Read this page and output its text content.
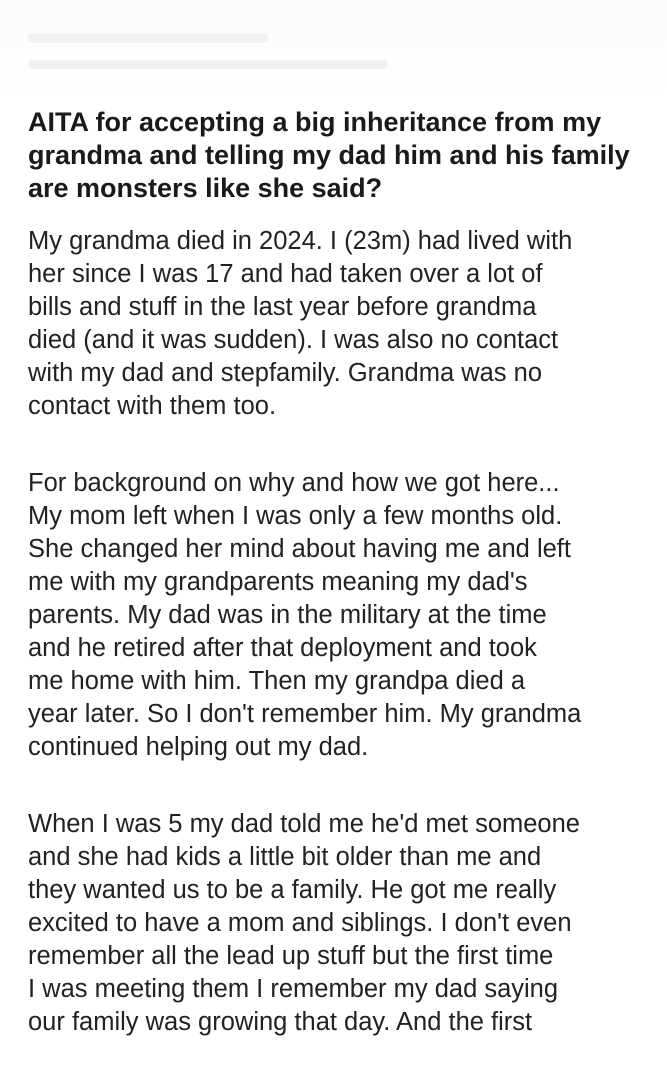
AITA for accepting a big inheritance from my grandma and telling my dad him and his family are monsters like she said?

My grandma died in 2024. I (23m) had lived with
her since I was 17 and had taken over a lot of
bills and stuff in the last year before grandma
died (and it was sudden). I was also no contact
with my dad and stepfamily. Grandma was no
contact with them too.

For background on why and how we got here...
My mom left when I was only a few months old.
She changed her mind about having me and left
me with my grandparents meaning my dad's
parents. My dad was in the military at the time
and he retired after that deployment and took
me home with him. Then my grandpa died a
year later. So I don't remember him. My grandma
continued helping out my dad.

When I was 5 my dad told me he'd met someone
and she had kids a little bit older than me and
they wanted us to be a family. He got me really
excited to have a mom and siblings. I don't even
remember all the lead up stuff but the first time
I was meeting them I remember my dad saying
our family was growing that day. And the first
